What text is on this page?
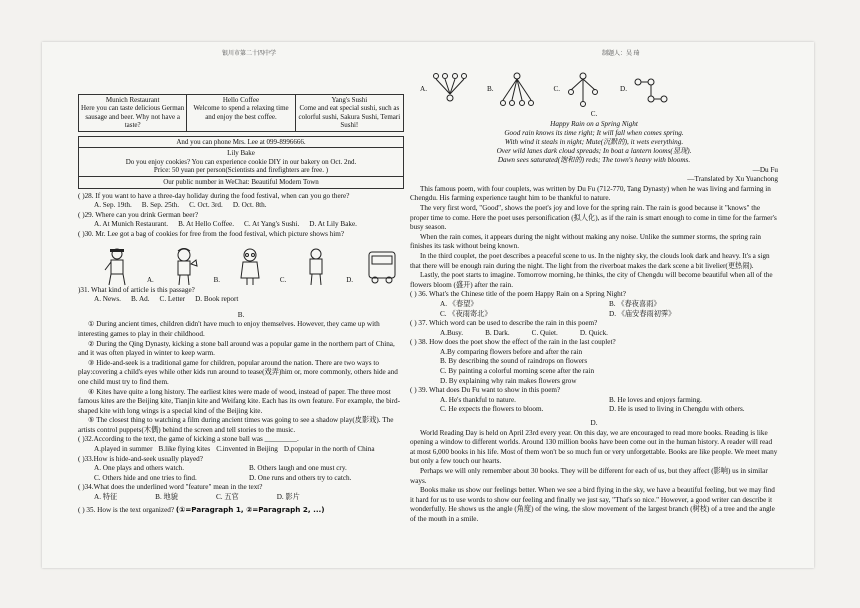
银川市第二十四中学	制题人：吴 琦
Munich Restaurant
Here you can taste delicious German sausage and beer. Why not have a taste?

Hello Coffee
Welcome to spend a relaxing time and enjoy the best coffee.

Yang's Sushi
Come and eat special sushi, such as colorful sushi, Sakura Sushi, Temari Sushi!
And you can phone Mrs. Lee at 099-8996666.
Lily Bake
Do you enjoy cookies? You can experience cookie DIY in our bakery on Oct. 2nd.
Price: 50 yuan per person(Scientists and firefighters are free. )
Our public number in WeChat: Beautiful Modern Town

( )28. If you want to have a three-day holiday during the food festival, when can you go there?

A. Sep. 19th. B. Sep. 25th. C. Oct. 3rd. D. Oct. 8th.

( )29. Where can you drink German beer?

A. At Munich Restaurant. B. At Hello Coffee. C. At Yang's Sushi. D. At Lily Bake.

( )30. Mr. Lee got a bag of cookies for free from the food festival, which picture shows him?

A.	B.	C.	D.

)31. What kind of article is this passage?

A. News. B. Ad. C. Letter D. Book report

B.

① During ancient times, children didn't have much to enjoy themselves. However, they came up with interesting games to play in their childhood.

② During the Qing Dynasty, kicking a stone ball around was a popular game in the northern part of China, and it was often played in winter to keep warm.

③ Hide-and-seek is a traditional game for children, popular around the nation. There are two ways to play:covering a child's eyes while other kids run around to tease(戏弄)him or, more commonly, others hide and one child must try to find them.

④ Kites have quite a long history. The earliest kites were made of wood, instead of paper. The three most famous kites are the Beijing kite, Tianjin kite and Weifang kite. Each has its own feature. For example, the bird-shaped kite with long wings is a special kind of the Beijing kite.

⑤ The closest thing to watching a film during ancient times was going to see a shadow play(皮影戏). The artists control puppets(木偶) behind the screen and tell stories to the music.

( )32.According to the text, the game of kicking a stone ball was _________.

A.played in summer B.like flying kites C.invented in Beijing D.popular in the north of China

( )33.How is hide-and-seek usually played?

A. One plays and others watch.	B. Others laugh and one must cry.
C. Others hide and one tries to find.	D. One runs and others try to catch.

( )34.What does the underlined word "feature" mean in the text?

A. 特征	B. 地貌	C. 五官	D. 影片

( ) 35. How is the text organized? (①=Paragraph 1, ②=Paragraph 2, ...)

A.	B.	C.	D.

C.

Happy Rain on a Spring Night
Good rain knows its time right; It will fall when comes spring.
With wind it steals in night; Mute(沉默的), it wets everything.
Over wild lanes dark cloud spreads; In boat a lantern looms(显现).
Dawn sees saturated(饱和的) reds; The town's heavy with blooms.

—Du Fu

—Translated by Xu Yuanchong

This famous poem, with four couplets, was written by Du Fu (712-770, Tang Dynasty) when he was living and farming in Chengdu. His farming experience taught him to be thankful to nature.

The very first word, "Good", shows the poet's joy and love for the spring rain. The rain is good because it "knows" the proper time to come. Here the poet uses personification (拟人化), as if the rain is smart enough to come in time for the farmer's busy season.

When the rain comes, it appears during the night without making any noise. Unlike the summer storms, the spring rain finishes its task without being known.

In the third couplet, the poet describes a peaceful scene to us. In the nighty sky, the clouds look dark and heavy. It's a sign that there will be enough rain during the night. The light from the riverboat makes the dark scene a bit livelier(更热闹).

Lastly, the poet starts to imagine. Tomorrow morning, he thinks, the city of Chengdu will become beautiful when all of the flowers bloom (盛开) after the rain.

( ) 36. What's the Chinese title of the poem Happy Rain on a Spring Night?

A. 《春望》	B. 《春夜喜雨》
C. 《夜雨寄北》	D. 《庙安春雨初霁》

( ) 37. Which word can be used to describe the rain in this poem?

A.Busy.	B. Dark.	C. Quiet.	D. Quick.

( ) 38. How does the poet show the effect of the rain in the last couplet?

A.By comparing flowers before and after the rain
B. By describing the sound of raindrops on flowers
C. By painting a colorful morning scene after the rain
D. By explaining why rain makes flowers grow

( ) 39. What does Du Fu want to show in this poem?

A. He's thankful to nature.	B. He loves and enjoys farming.
C. He expects the flowers to bloom.	D. He is used to living in Chengdu with others.

D.

World Reading Day is held on April 23rd every year. On this day, we are encouraged to read more books. Reading is like opening a window to different worlds. Around 130 million books have been come out in the human history. A reader will read at most 6,000 books in his life. Most of them won't be so much fun or very unforgettable. Books are like people. We meet many but only a few touch our hearts.

Perhaps we will only remember about 30 books. They will be different for each of us, but they affect (影响) us in similar ways.

Books make us show our feelings better. When we see a bird flying in the sky, we have a beautiful feeling, but we may find it hard for us to use words to show our feeling and finally we just say, "That's so nice." However, a good writer can describe it wonderfully. He shows us the angle (角度) of the wing, the slow movement of the largest branch (树枝) of a tree and the angle of the mouth in a smile.
